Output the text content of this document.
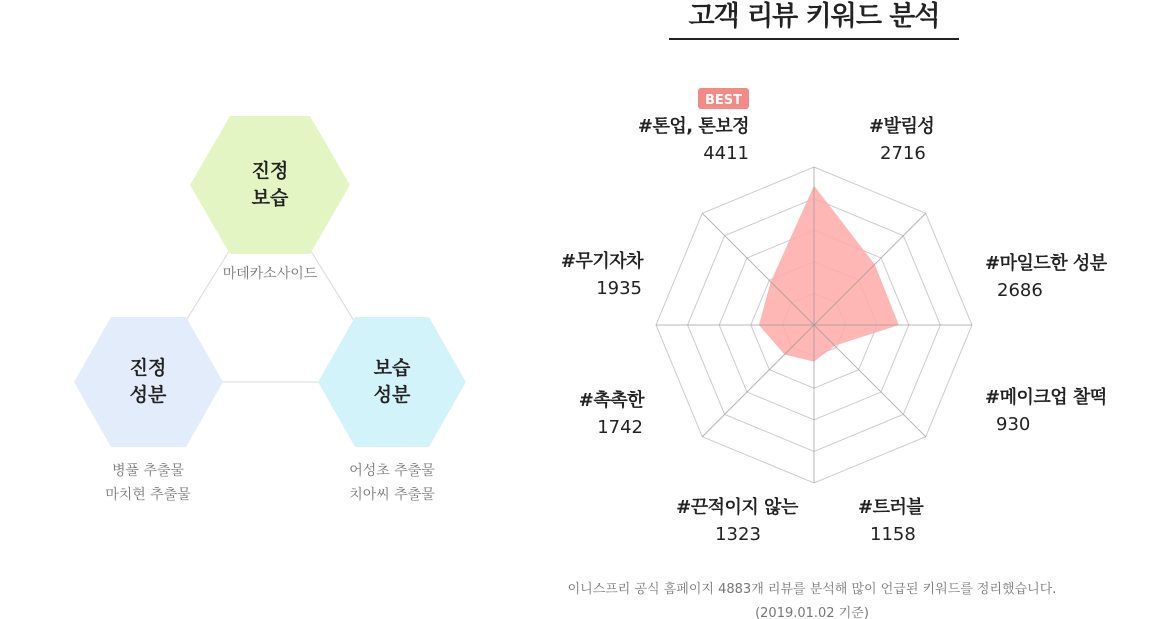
고객 리뷰 키워드 분석
진정
보습
마데카소사이드
진정
성분
병풀 추출물
마치현 추출물
보습
성분
어성초 추출물
치아씨 추출물
BEST
#톤업, 톤보정
4411
#발림성
2716
#마일드한 성분
2686
#메이크업 찰떡
930
#트러블
1158
#끈적이지 않는
1323
#촉촉한
1742
#무기자차
1935
이니스프리 공식 홈페이지 4883개 리뷰를 분석해 많이 언급된 키워드를 정리했습니다.
(2019.01.02 기준)
